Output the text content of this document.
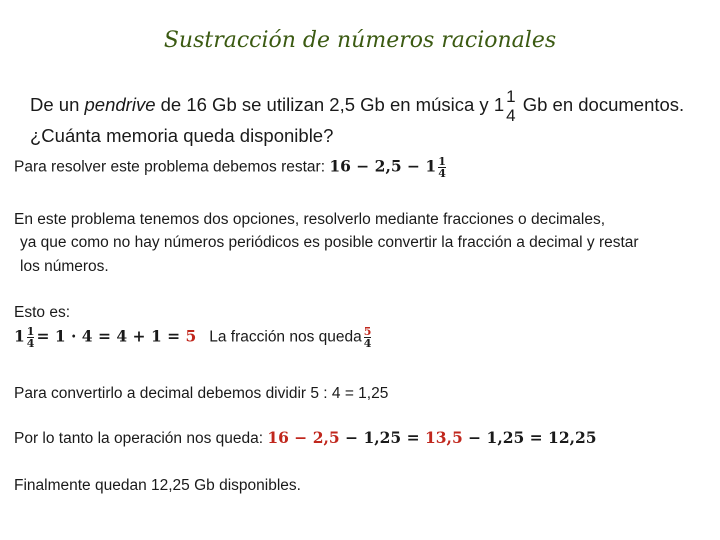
Sustracción de números racionales
De un pendrive de 16 Gb se utilizan 2,5 Gb en música y 1 1
4
Gb en documentos.
¿Cuánta memoria queda disponible?
Para resolver este problema debemos restar: $16 - 2,5 - 1 \frac{1}{4}$
En este problema tenemos dos opciones, resolverlo mediante fracciones o decimales,
ya que como no hay números periódicos es posible convertir la fracción a decimal y restar
los números.
Esto es:
$1 \frac{1}{4} = 1 \cdot 4 = 4 + 1 = 5$ La fracción nos queda $\frac{5}{4}$
Para convertirlo a decimal debemos dividir 5 : 4 = 1,25
Por lo tanto la operación nos queda: 16 − 2,5 − 1,25 = 13,5 − 1,25 = 12,25
Finalmente quedan 12,25 Gb disponibles.
